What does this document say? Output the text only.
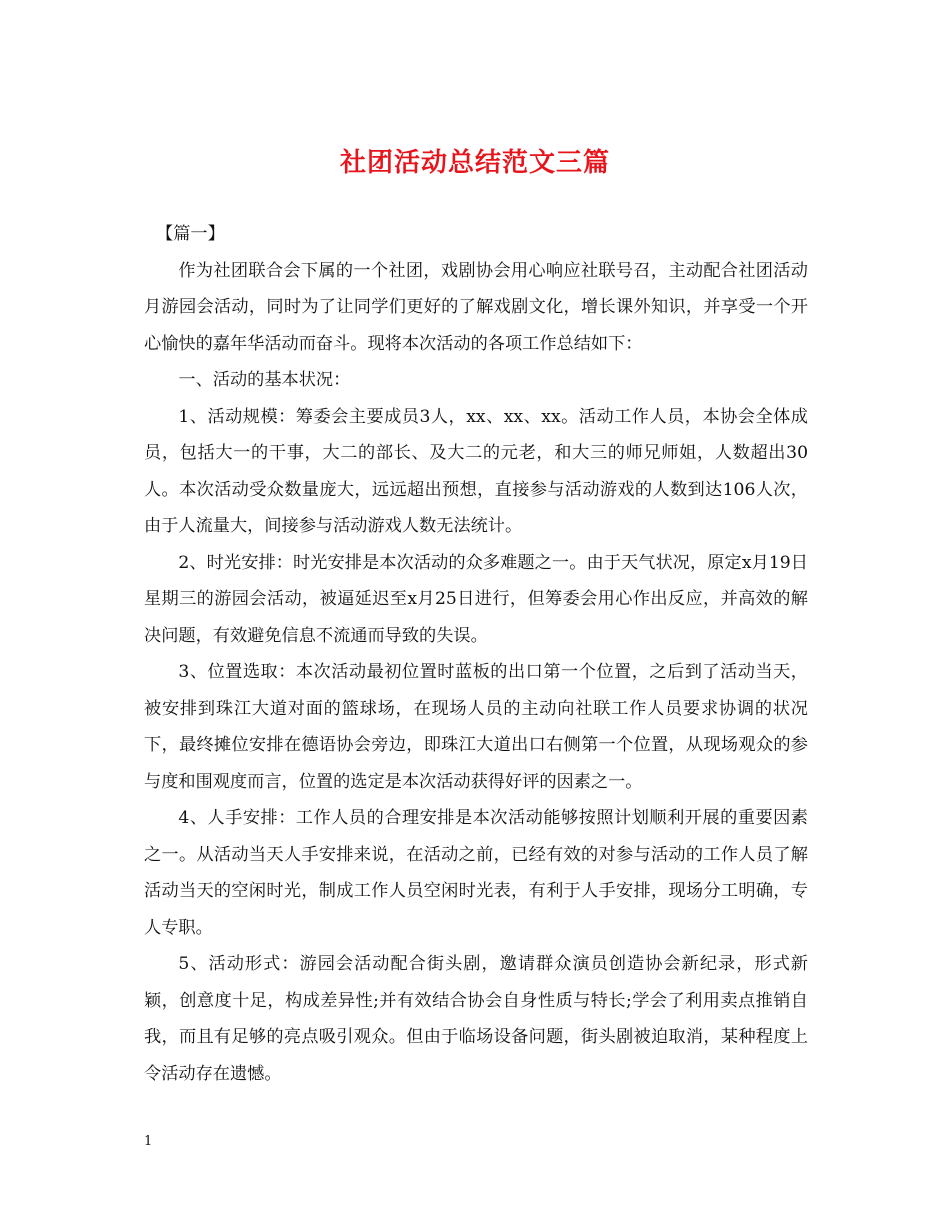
社团活动总结范文三篇

【篇一】

作为社团联合会下属的一个社团，戏剧协会用心响应社联号召，主动配合社团活动月游园会活动，同时为了让同学们更好的了解戏剧文化，增长课外知识，并享受一个开心愉快的嘉年华活动而奋斗。现将本次活动的各项工作总结如下：

一、活动的基本状况：

1、活动规模：筹委会主要成员3人，xx、xx、xx。活动工作人员，本协会全体成员，包括大一的干事，大二的部长、及大二的元老，和大三的师兄师姐，人数超出30人。本次活动受众数量庞大，远远超出预想，直接参与活动游戏的人数到达106人次，由于人流量大，间接参与活动游戏人数无法统计。

2、时光安排：时光安排是本次活动的众多难题之一。由于天气状况，原定x月19日星期三的游园会活动，被逼延迟至x月25日进行，但筹委会用心作出反应，并高效的解决问题，有效避免信息不流通而导致的失误。

3、位置选取：本次活动最初位置时蓝板的出口第一个位置，之后到了活动当天，被安排到珠江大道对面的篮球场，在现场人员的主动向社联工作人员要求协调的状况下，最终摊位安排在德语协会旁边，即珠江大道出口右侧第一个位置，从现场观众的参与度和围观度而言，位置的选定是本次活动获得好评的因素之一。

4、人手安排：工作人员的合理安排是本次活动能够按照计划顺利开展的重要因素之一。从活动当天人手安排来说，在活动之前，已经有效的对参与活动的工作人员了解活动当天的空闲时光，制成工作人员空闲时光表，有利于人手安排，现场分工明确，专人专职。

5、活动形式：游园会活动配合街头剧，邀请群众演员创造协会新纪录，形式新颖，创意度十足，构成差异性;并有效结合协会自身性质与特长;学会了利用卖点推销自我，而且有足够的亮点吸引观众。但由于临场设备问题，街头剧被迫取消，某种程度上令活动存在遗憾。

1
